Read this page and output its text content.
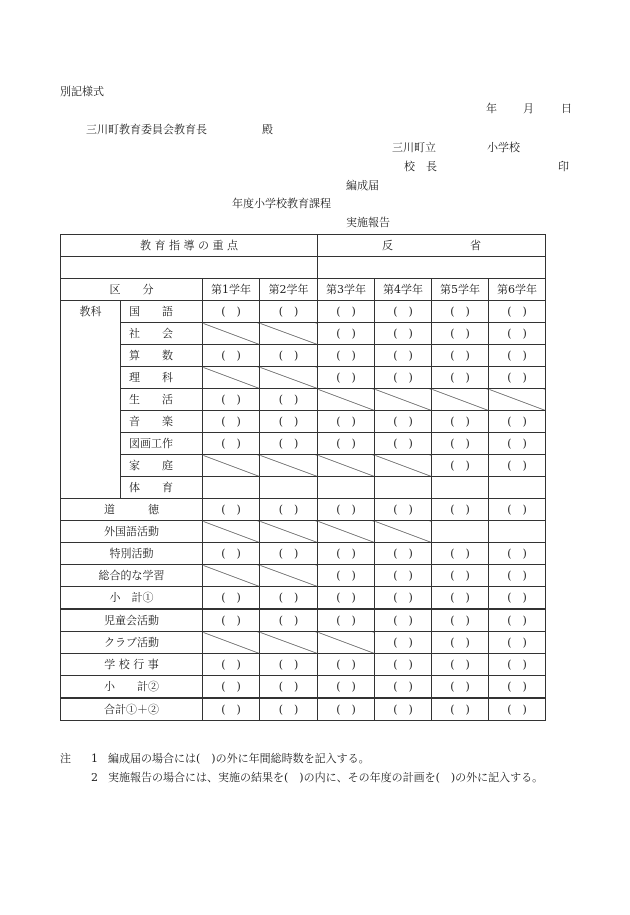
別記様式
年 月 日
三川町教育委員会教育長	殿
三川町立	小学校
校　長	印
編成届
年度小学校教育課程
実施報告
教 育 指 導 の 重 点				反　　　　　　　省			

区　　分		第1学年	第2学年	第3学年	第4学年	第5学年	第6学年
教科	国　　語	(　)	(　)	(　)	(　)	(　)	(　)

	社　　会			(　)	(　)	(　)	(　)

	算　　数	(　)	(　)	(　)	(　)	(　)	(　)

	理　　科			(　)	(　)	(　)	(　)

	生　　活	(　)	(　)				

	音　　楽	(　)	(　)	(　)	(　)	(　)	(　)

	図画工作	(　)	(　)	(　)	(　)	(　)	(　)

	家　　庭					(　)	(　)

	体　　育						
道　　　徳		(　)	(　)	(　)	(　)	(　)	(　)

外国語活動							
特別活動		(　)	(　)	(　)	(　)	(　)	(　)

総合的な学習				(　)	(　)	(　)	(　)

小　計①		(　)	(　)	(　)	(　)	(　)	(　)

児童会活動		(　)	(　)	(　)	(　)	(　)	(　)

クラブ活動					(　)	(　)	(　)

学 校 行 事		(　)	(　)	(　)	(　)	(　)	(　)

小　　計②		(　)	(　)	(　)	(　)	(　)	(　)

合計①＋②		(　)	(　)	(　)	(　)	(　)	(　)
注	1 編成届の場合には(　)の外に年間総時数を記入する。
2 実施報告の場合には、実施の結果を(　)の内に、その年度の計画を(　)の外に記入する。
